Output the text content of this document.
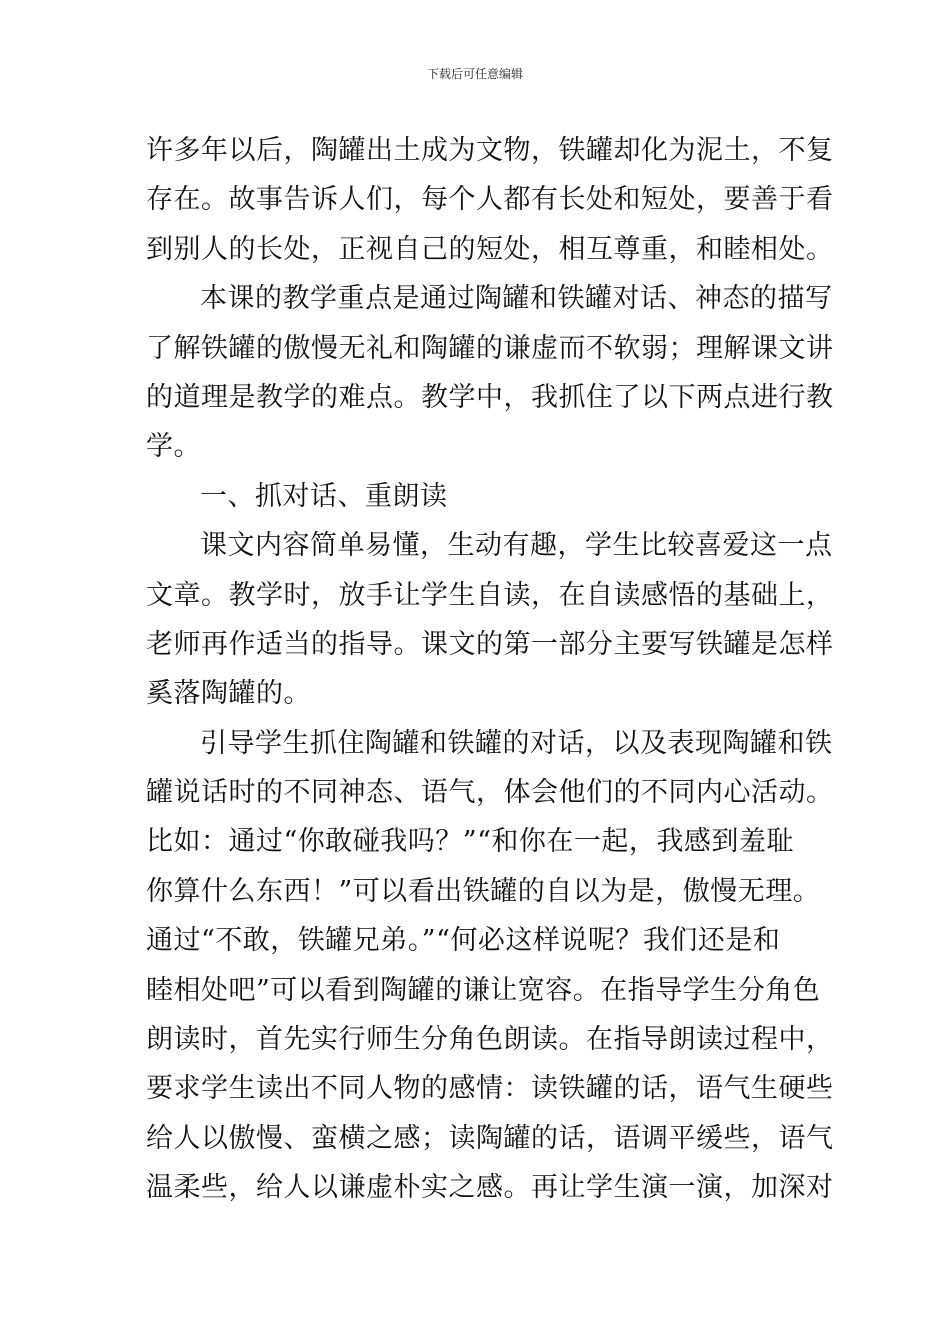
下载后可任意编辑
许多年以后，陶罐出土成为文物，铁罐却化为泥土，不复
存在。故事告诉人们，每个人都有长处和短处，要善于看
到别人的长处，正视自己的短处，相互尊重，和睦相处。
本课的教学重点是通过陶罐和铁罐对话、神态的描写
了解铁罐的傲慢无礼和陶罐的谦虚而不软弱；理解课文讲
的道理是教学的难点。教学中，我抓住了以下两点进行教
学。
一、抓对话、重朗读
课文内容简单易懂，生动有趣，学生比较喜爱这一点
文章。教学时，放手让学生自读，在自读感悟的基础上，
老师再作适当的指导。课文的第一部分主要写铁罐是怎样
奚落陶罐的。
引导学生抓住陶罐和铁罐的对话，以及表现陶罐和铁
罐说话时的不同神态、语气，体会他们的不同内心活动。
比如：通过“你敢碰我吗？”“和你在一起，我感到羞耻
你算什么东西！”可以看出铁罐的自以为是，傲慢无理。
通过“不敢，铁罐兄弟。”“何必这样说呢？我们还是和
睦相处吧”可以看到陶罐的谦让宽容。在指导学生分角色
朗读时，首先实行师生分角色朗读。在指导朗读过程中，
要求学生读出不同人物的感情：读铁罐的话，语气生硬些
给人以傲慢、蛮横之感；读陶罐的话，语调平缓些，语气
温柔些，给人以谦虚朴实之感。再让学生演一演，加深对
